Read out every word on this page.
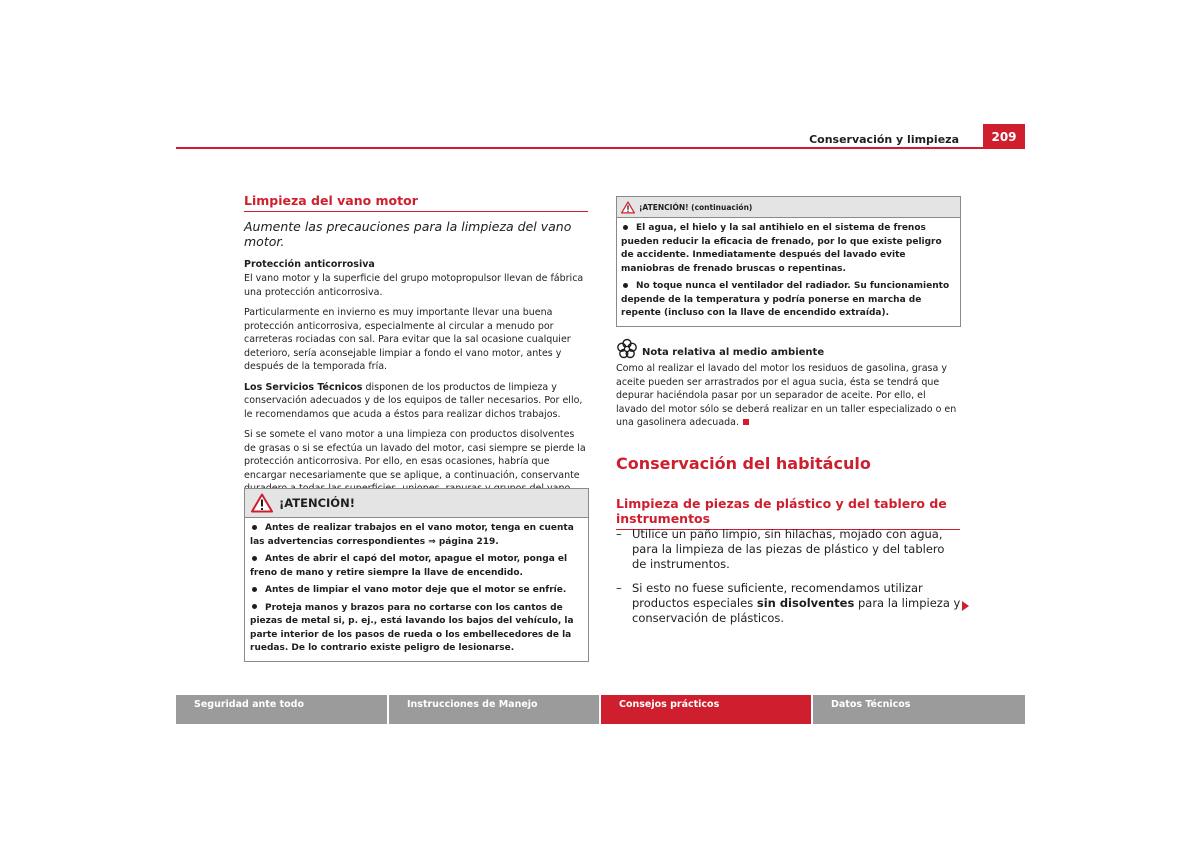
Conservación y limpieza	209
Limpieza del vano motor
Aumente las precauciones para la limpieza del vano motor.
Protección anticorrosiva

El vano motor y la superficie del grupo motopropulsor llevan de fábrica una protección anticorrosiva.

Particularmente en invierno es muy importante llevar una buena protección anticorrosiva, especialmente al circular a menudo por carreteras rociadas con sal. Para evitar que la sal ocasione cualquier deterioro, sería aconsejable limpiar a fondo el vano motor, antes y después de la temporada fría.

Los Servicios Técnicos disponen de los productos de limpieza y conservación adecuados y de los equipos de taller necesarios. Por ello, le recomendamos que acuda a éstos para realizar dichos trabajos.

Si se somete el vano motor a una limpieza con productos disolventes de grasas o si se efectúa un lavado del motor, casi siempre se pierde la protección anticorrosiva. Por ello, en esas ocasiones, habría que encargar necesariamente que se aplique, a continuación, conservante

¡ATENCIÓN!

Antes de realizar trabajos en el vano motor, tenga en cuenta las advertencias correspondientes ⇒ página 219.

Antes de abrir el capó del motor, apague el motor, ponga el freno de mano y retire siempre la llave de encendido.

Antes de limpiar el vano motor deje que el motor se enfríe.

Proteja manos y brazos para no cortarse con los cantos de piezas de metal si, p. ej., está lavando los bajos del vehículo, la parte interior de los pasos de rueda o los embellecedores de la ruedas. De lo contrario existe peligro de lesionarse.

¡ATENCIÓN! (continuación)

El agua, el hielo y la sal antihielo en el sistema de frenos pueden reducir la eficacia de frenado, por lo que existe peligro de accidente. Inmediatamente después del lavado evite maniobras de frenado bruscas o repentinas.

No toque nunca el ventilador del radiador. Su funcionamiento depende de la temperatura y podría ponerse en marcha de repente (incluso con la llave de encendido extraída).

Nota relativa al medio ambiente

Como al realizar el lavado del motor los residuos de gasolina, grasa y aceite pueden ser arrastrados por el agua sucia, ésta se tendrá que depurar haciéndola pasar por un separador de aceite. Por ello, el lavado del motor sólo se deberá realizar en un taller especializado o en una gasolinera adecuada.

Conservación del habitáculo
Limpieza de piezas de plástico y del tablero de instrumentos
– Utilice un paño limpio, sin hilachas, mojado con agua, para la limpieza de las piezas de plástico y del tablero de instrumentos.
– Si esto no fuese suficiente, recomendamos utilizar productos especiales sin disolventes para la limpieza y conservación de plásticos.
Seguridad ante todo	Instrucciones de Manejo	Consejos prácticos	Datos Técnicos
